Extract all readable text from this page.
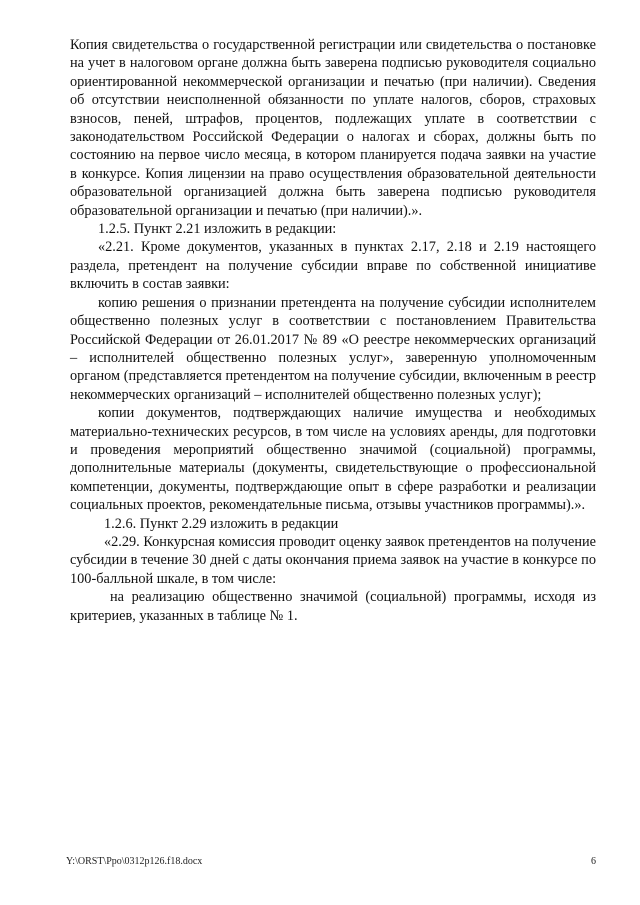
Копия свидетельства о государственной регистрации или свидетельства о постановке на учет в налоговом органе должна быть заверена подписью руководителя социально ориентированной некоммерческой организации и печатью (при наличии). Сведения об отсутствии неисполненной обязанности по уплате налогов, сборов, страховых взносов, пеней, штрафов, процентов, подлежащих уплате в соответствии с законодательством Российской Федерации о налогах и сборах, должны быть по состоянию на первое число месяца, в котором планируется подача заявки на участие в конкурсе. Копия лицензии на право осуществления образовательной деятельности образовательной организацией должна быть заверена подписью руководителя образовательной организации и печатью (при наличии).».

1.2.5. Пункт 2.21 изложить в редакции:

«2.21. Кроме документов, указанных в пунктах 2.17, 2.18 и 2.19 настоящего раздела, претендент на получение субсидии вправе по собственной инициативе включить в состав заявки:

копию решения о признании претендента на получение субсидии исполнителем общественно полезных услуг в соответствии с постановлением Правительства Российской Федерации от 26.01.2017 № 89 «О реестре некоммерческих организаций – исполнителей общественно полезных услуг», заверенную уполномоченным органом (представляется претендентом на получение субсидии, включенным в реестр некоммерческих организаций – исполнителей общественно полезных услуг);

копии документов, подтверждающих наличие имущества и необходимых материально-технических ресурсов, в том числе на условиях аренды, для подготовки и проведения мероприятий общественно значимой (социальной) программы, дополнительные материалы (документы, свидетельствующие о профессиональной компетенции, документы, подтверждающие опыт в сфере разработки и реализации социальных проектов, рекомендательные письма, отзывы участников программы).».

1.2.6. Пункт 2.29 изложить в редакции

«2.29. Конкурсная комиссия проводит оценку заявок претендентов на получение субсидии в течение 30 дней с даты окончания приема заявок на участие в конкурсе по 100-балльной шкале, в том числе:

на реализацию общественно значимой (социальной) программы, исходя из критериев, указанных в таблице № 1.

Y:\ORST\Ppo\0312p126.f18.docx	6
